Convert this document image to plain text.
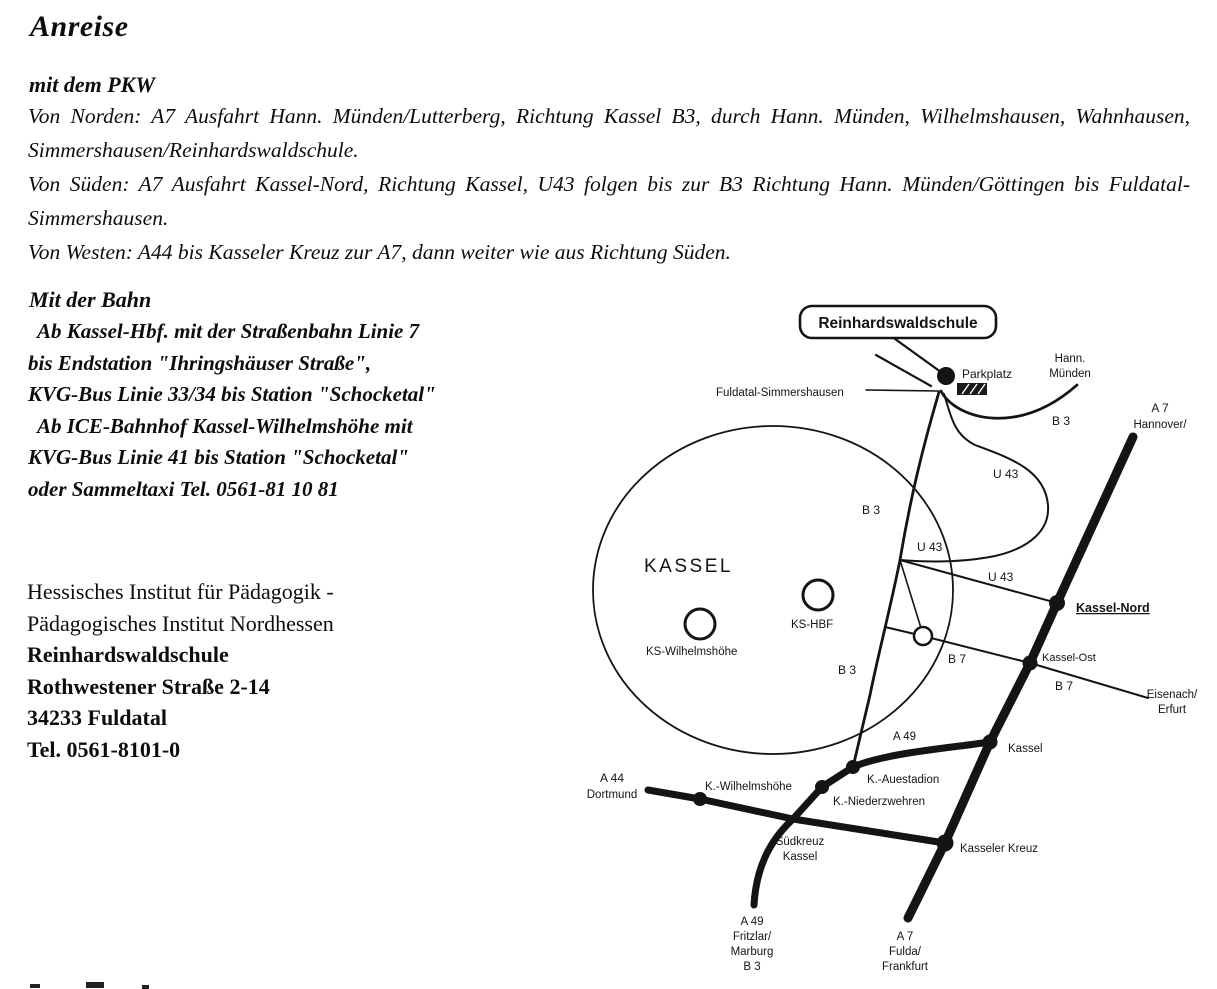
Anreise
mit dem PKW

Von Norden: A7 Ausfahrt Hann. Münden/Lutterberg, Richtung Kassel B3, durch Hann. Münden, Wilhelmshausen, Wahnhausen, Simmershausen/Reinhardswaldschule.

Von Süden: A7 Ausfahrt Kassel-Nord, Richtung Kassel, U43 folgen bis zur B3 Richtung Hann. Münden/Göttingen bis Fuldatal-Simmershausen.

Von Westen: A44 bis Kasseler Kreuz zur A7, dann weiter wie aus Richtung Süden.

Mit der Bahn
Ab Kassel-Hbf. mit der Straßenbahn Linie 7
bis Endstation "Ihringshäuser Straße",
KVG-Bus Linie 33/34 bis Station "Schocketal"
Ab ICE-Bahnhof Kassel-Wilhelmshöhe mit
KVG-Bus Linie 41 bis Station "Schocketal"
oder Sammeltaxi Tel. 0561-81 10 81
Hessisches Institut für Pädagogik -
Pädagogisches Institut Nordhessen
Reinhardswaldschule
Rothwestener Straße 2-14
34233 Fuldatal
Tel. 0561-8101-0
Reinhardswaldschule
Fuldatal-Simmershausen
Parkplatz
Hann.
Münden
B 3
A 7
Hannover/
U 43
B 3
U 43
U 43
Kassel-Nord
KASSEL
KS-HBF
KS-Wilhelmshöhe	B 7	Kassel-Ost
B 7
Eisenach/
Erfurt
B 3
A 49
Kassel
A 44
Dortmund
K.-Wilhelmshöhe
K.-Auestadion
K.-Niederzwehren
Südkreuz
Kassel
Kasseler Kreuz
A 49
Fritzlar/
Marburg
B 3
A 7
Fulda/
Frankfurt
